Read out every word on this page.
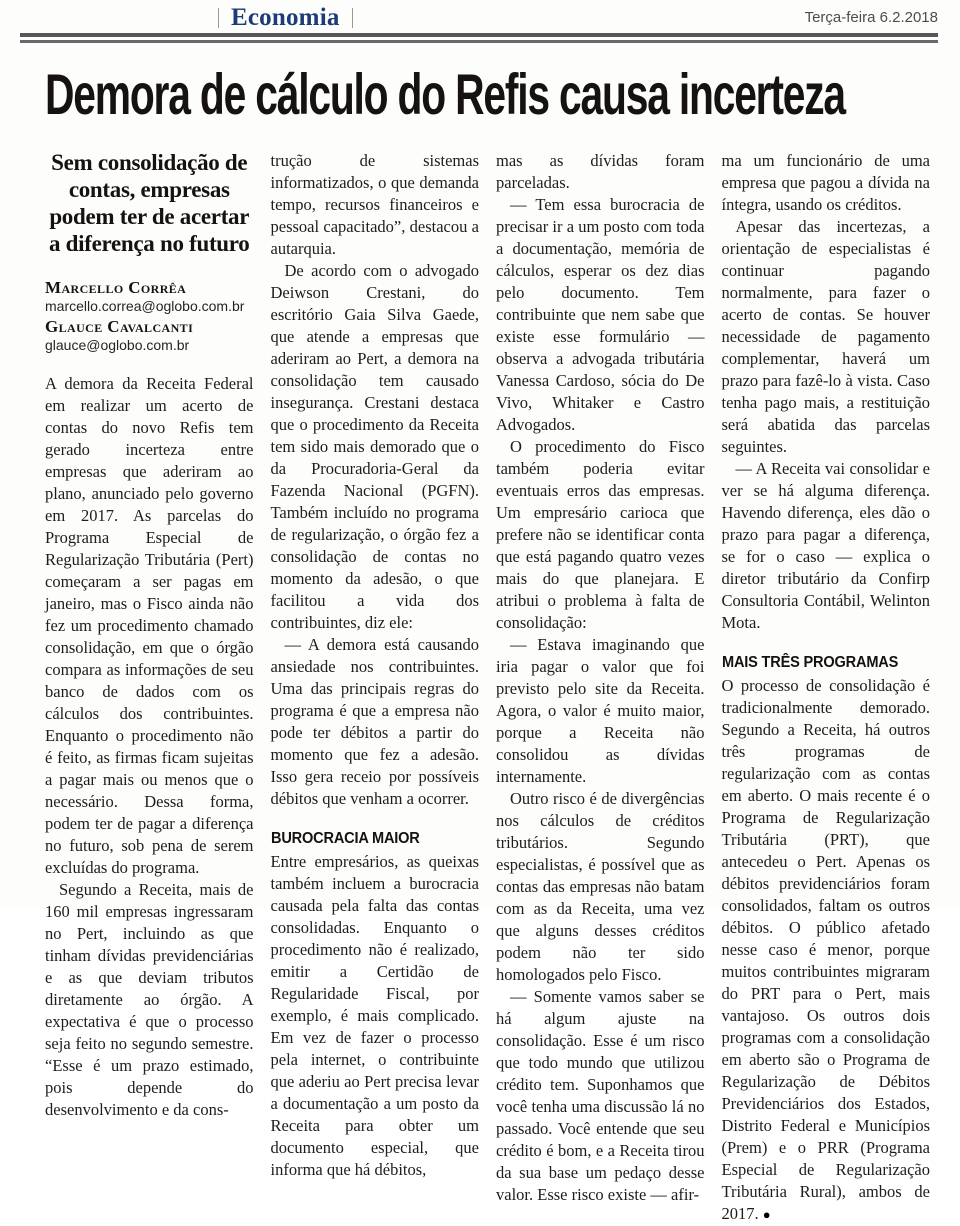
Economia	Terça-feira 6.2.2018
Demora de cálculo do Refis causa incerteza
Sem consolidação de contas, empresas podem ter de acertar a diferença no futuro
Marcello Corrêa
marcello.correa@oglobo.com.br
Glauce Cavalcanti
glauce@oglobo.com.br

A demora da Receita Federal em realizar um acerto de contas do novo Refis tem gerado incerteza entre empresas que aderiram ao plano, anunciado pelo governo em 2017. As parcelas do Programa Especial de Regularização Tributária (Pert) começaram a ser pagas em janeiro, mas o Fisco ainda não fez um procedimento chamado consolidação, em que o órgão compara as informações de seu banco de dados com os cálculos dos contribuintes. Enquanto o procedimento não é feito, as firmas ficam sujeitas a pagar mais ou menos que o necessário. Dessa forma, podem ter de pagar a diferença no futuro, sob pena de serem excluídas do programa.

Segundo a Receita, mais de 160 mil empresas ingressaram no Pert, incluindo as que tinham dívidas previdenciárias e as que deviam tributos diretamente ao órgão. A expectativa é que o processo seja feito no segundo semestre. “Esse é um prazo estimado, pois depende do desenvolvimento e da cons-

trução de sistemas informatizados, o que demanda tempo, recursos financeiros e pessoal capacitado”, destacou a autarquia.

De acordo com o advogado Deiwson Crestani, do escritório Gaia Silva Gaede, que atende a empresas que aderiram ao Pert, a demora na consolidação tem causado insegurança. Crestani destaca que o procedimento da Receita tem sido mais demorado que o da Procuradoria-Geral da Fazenda Nacional (PGFN). Também incluído no programa de regularização, o órgão fez a consolidação de contas no momento da adesão, o que facilitou a vida dos contribuintes, diz ele:

— A demora está causando ansiedade nos contribuintes. Uma das principais regras do programa é que a empresa não pode ter débitos a partir do momento que fez a adesão. Isso gera receio por possíveis débitos que venham a ocorrer.

BUROCRACIA MAIOR

Entre empresários, as queixas também incluem a burocracia causada pela falta das contas consolidadas. Enquanto o procedimento não é realizado, emitir a Certidão de Regularidade Fiscal, por exemplo, é mais complicado. Em vez de fazer o processo pela internet, o contribuinte que aderiu ao Pert precisa levar a documentação a um posto da Receita para obter um documento especial, que informa que há débitos,

mas as dívidas foram parceladas.

— Tem essa burocracia de precisar ir a um posto com toda a documentação, memória de cálculos, esperar os dez dias pelo documento. Tem contribuinte que nem sabe que existe esse formulário — observa a advogada tributária Vanessa Cardoso, sócia do De Vivo, Whitaker e Castro Advogados.

O procedimento do Fisco também poderia evitar eventuais erros das empresas. Um empresário carioca que prefere não se identificar conta que está pagando quatro vezes mais do que planejara. E atribui o problema à falta de consolidação:

— Estava imaginando que iria pagar o valor que foi previsto pelo site da Receita. Agora, o valor é muito maior, porque a Receita não consolidou as dívidas internamente.

Outro risco é de divergências nos cálculos de créditos tributários. Segundo especialistas, é possível que as contas das empresas não batam com as da Receita, uma vez que alguns desses créditos podem não ter sido homologados pelo Fisco.

— Somente vamos saber se há algum ajuste na consolidação. Esse é um risco que todo mundo que utilizou crédito tem. Suponhamos que você tenha uma discussão lá no passado. Você entende que seu crédito é bom, e a Receita tirou da sua base um pedaço desse valor. Esse risco existe — afir-

ma um funcionário de uma empresa que pagou a dívida na íntegra, usando os créditos.

Apesar das incertezas, a orientação de especialistas é continuar pagando normalmente, para fazer o acerto de contas. Se houver necessidade de pagamento complementar, haverá um prazo para fazê-lo à vista. Caso tenha pago mais, a restituição será abatida das parcelas seguintes.

— A Receita vai consolidar e ver se há alguma diferença. Havendo diferença, eles dão o prazo para pagar a diferença, se for o caso — explica o diretor tributário da Confirp Consultoria Contábil, Welinton Mota.

MAIS TRÊS PROGRAMAS

O processo de consolidação é tradicionalmente demorado. Segundo a Receita, há outros três programas de regularização com as contas em aberto. O mais recente é o Programa de Regularização Tributária (PRT), que antecedeu o Pert. Apenas os débitos previdenciários foram consolidados, faltam os outros débitos. O público afetado nesse caso é menor, porque muitos contribuintes migraram do PRT para o Pert, mais vantajoso. Os outros dois programas com a consolidação em aberto são o Programa de Regularização de Débitos Previdenciários dos Estados, Distrito Federal e Municípios (Prem) e o PRR (Programa Especial de Regularização Tributária Rural), ambos de 2017. ●
